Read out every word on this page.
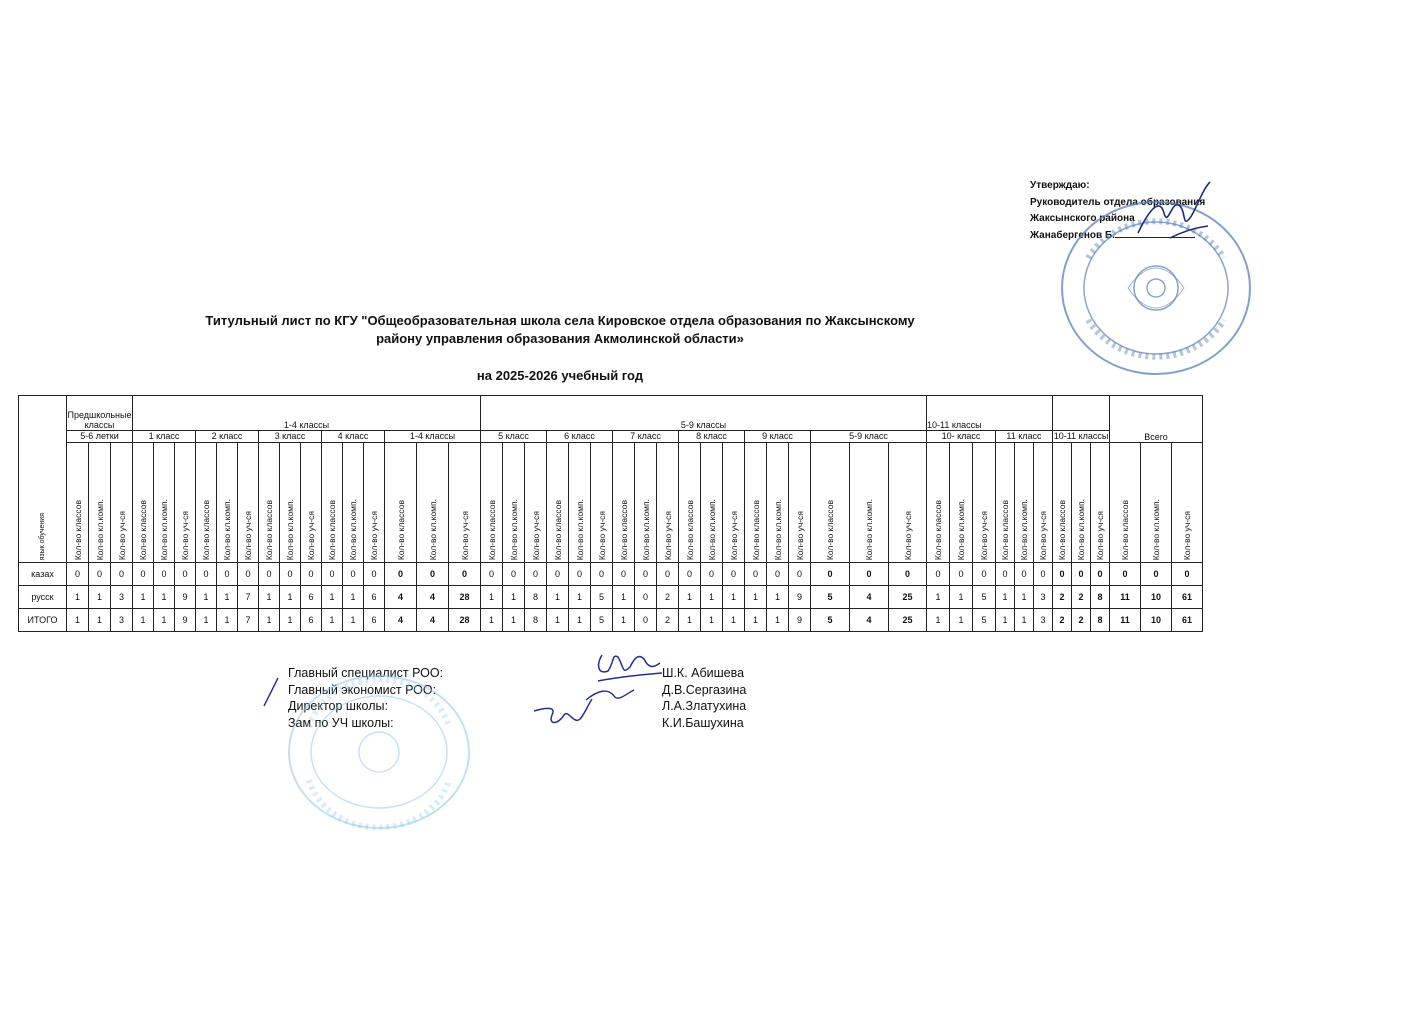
Утверждаю:
Руководитель отдела образования
Жаксынского района
Жанабергенов Б.
Титульный лист по КГУ "Общеобразовательная школа села Кировское отдела образования по Жаксынскому
району управления образования Акмолинской области»
на 2025-2026 учебный год
язык обучения	Предшкольные классы			1-4 классы															5-9 классы																		10-11 классы									Всего		
	5-6 летки			1 класс			2 класс			3 класс			4 класс			1-4 классы			5 класс			6 класс			7 класс			8 класс			9 класс			5-9 класс			10- класс			11 класс			10-11 классы					
	Кол-во классов	Кол-во кл.комп.	Кол-во уч-ся	Кол-во классов	Кол-во кл.комп.	Кол-во уч-ся	Кол-во классов	Кол-во кл.комп.	Кол-во уч-ся	Кол-во классов	Кол-во кл.комп.	Кол-во уч-ся	Кол-во классов	Кол-во кл.комп.	Кол-во уч-ся	Кол-во классов	Кол-во кл.комп.	Кол-во уч-ся	Кол-во классов	Кол-во кл.комп.	Кол-во уч-ся	Кол-во классов	Кол-во кл.комп.	Кол-во уч-ся	Кол-во классов	Кол-во кл.комп.	Кол-во уч-ся	Кол-во классов	Кол-во кл.комп.	Кол-во уч-ся	Кол-во классов	Кол-во кл.комп.	Кол-во уч-ся	Кол-во классов	Кол-во кл.комп.	Кол-во уч-ся	Кол-во классов	Кол-во кл.комп.	Кол-во уч-ся	Кол-во классов	Кол-во кл.комп.	Кол-во уч-ся	Кол-во классов	Кол-во кл.комп.	Кол-во уч-ся	Кол-во классов	Кол-во кл.комп.	Кол-во уч-ся
казах	0	0	0	0	0	0	0	0	0	0	0	0	0	0	0	0	0	0	0	0	0	0	0	0	0	0	0	0	0	0	0	0	0	0	0	0	0	0	0	0	0	0	0	0	0	0	0	0
русск	1	1	3	1	1	9	1	1	7	1	1	6	1	1	6	4	4	28	1	1	8	1	1	5	1	0	2	1	1	1	1	1	9	5	4	25	1	1	5	1	1	3	2	2	8	11	10	61
ИТОГО	1	1	3	1	1	9	1	1	7	1	1	6	1	1	6	4	4	28	1	1	8	1	1	5	1	0	2	1	1	1	1	1	9	5	4	25	1	1	5	1	1	3	2	2	8	11	10	61
Главный специалист РОО:
Главный экономист РОО:
Директор школы:
Зам по УЧ школы:
Ш.К. Абишева
Д.В.Сергазина
Л.А.Златухина
К.И.Башухина
